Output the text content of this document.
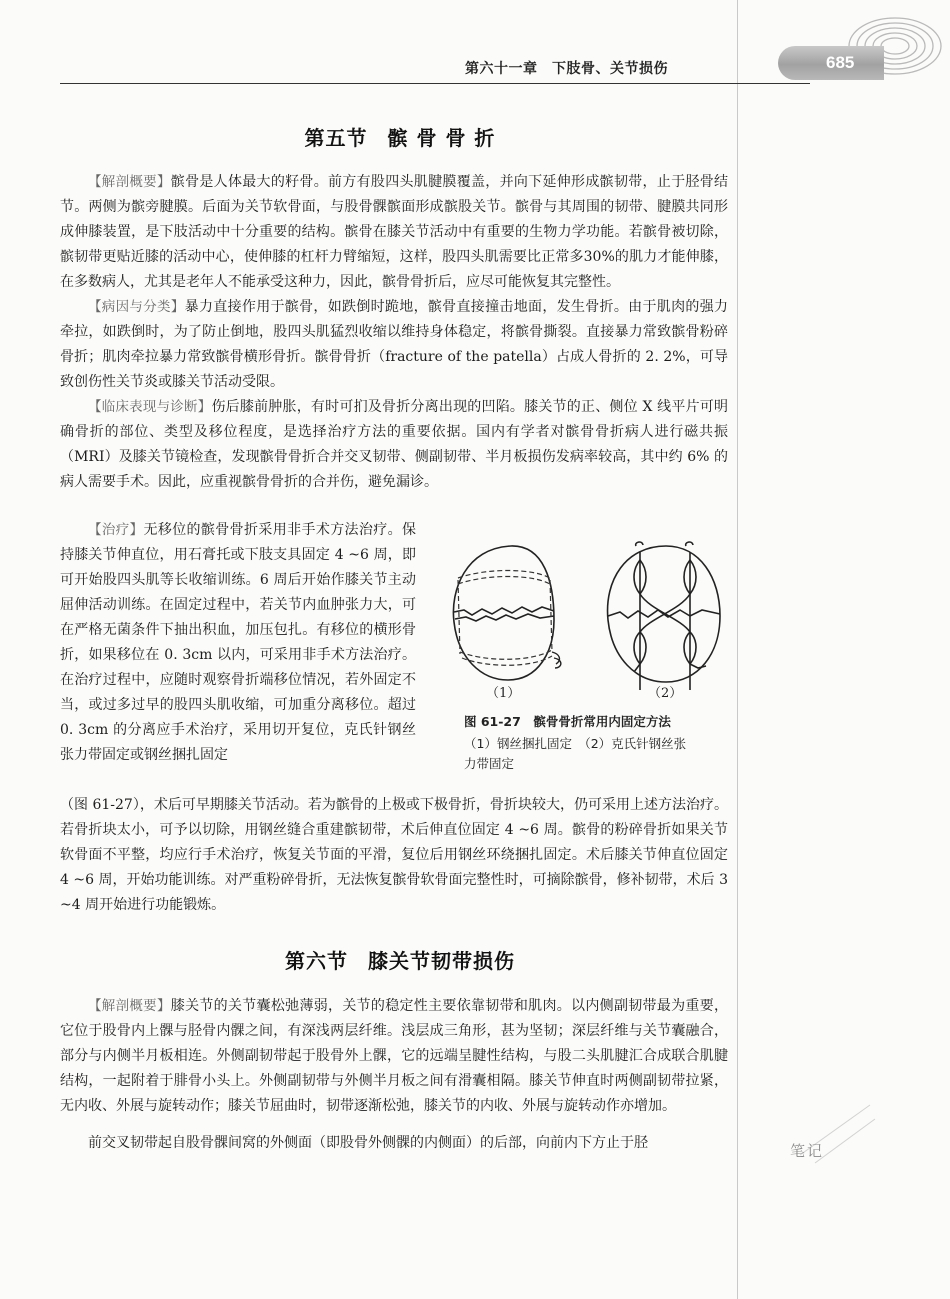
685
第六十一章　下肢骨、关节损伤
第五节 髌 骨 骨 折

【解剖概要】髌骨是人体最大的籽骨。前方有股四头肌腱膜覆盖，并向下延伸形成髌韧带，止于胫骨结节。两侧为髌旁腱膜。后面为关节软骨面，与股骨髁髌面形成髌股关节。髌骨与其周围的韧带、腱膜共同形成伸膝装置，是下肢活动中十分重要的结构。髌骨在膝关节活动中有重要的生物力学功能。若髌骨被切除，髌韧带更贴近膝的活动中心，使伸膝的杠杆力臂缩短，这样，股四头肌需要比正常多30%的肌力才能伸膝，在多数病人，尤其是老年人不能承受这种力，因此，髌骨骨折后，应尽可能恢复其完整性。

【病因与分类】暴力直接作用于髌骨，如跌倒时跪地，髌骨直接撞击地面，发生骨折。由于肌肉的强力牵拉，如跌倒时，为了防止倒地，股四头肌猛烈收缩以维持身体稳定，将髌骨撕裂。直接暴力常致髌骨粉碎骨折；肌肉牵拉暴力常致髌骨横形骨折。髌骨骨折（fracture of the patella）占成人骨折的 2. 2%，可导致创伤性关节炎或膝关节活动受限。

【临床表现与诊断】伤后膝前肿胀，有时可扪及骨折分离出现的凹陷。膝关节的正、侧位 X 线平片可明确骨折的部位、类型及移位程度，是选择治疗方法的重要依据。国内有学者对髌骨骨折病人进行磁共振（MRI）及膝关节镜检查，发现髌骨骨折合并交叉韧带、侧副韧带、半月板损伤发病率较高，其中约 6% 的病人需要手术。因此，应重视髌骨骨折的合并伤，避免漏诊。

【治疗】无移位的髌骨骨折采用非手术方法治疗。保持膝关节伸直位，用石膏托或下肢支具固定 4 ~6 周，即可开始股四头肌等长收缩训练。6 周后开始作膝关节主动屈伸活动训练。在固定过程中，若关节内血肿张力大，可在严格无菌条件下抽出积血，加压包扎。有移位的横形骨折，如果移位在 0. 3cm 以内，可采用非手术方法治疗。在治疗过程中，应随时观察骨折端移位情况，若外固定不当，或过多过早的股四头肌收缩，可加重分离移位。超过 0. 3cm 的分离应手术治疗，采用切开复位，克氏针钢丝张力带固定或钢丝捆扎固定

（1）	（2）
图 61-27　髌骨骨折常用内固定方法
（1）钢丝捆扎固定　（2）克氏针钢丝张
力带固定

（图 61-27），术后可早期膝关节活动。若为髌骨的上极或下极骨折，骨折块较大，仍可采用上述方法治疗。若骨折块太小，可予以切除，用钢丝缝合重建髌韧带，术后伸直位固定 4 ~6 周。髌骨的粉碎骨折如果关节软骨面不平整，均应行手术治疗，恢复关节面的平滑，复位后用钢丝环绕捆扎固定。术后膝关节伸直位固定 4 ~6 周，开始功能训练。对严重粉碎骨折，无法恢复髌骨软骨面完整性时，可摘除髌骨，修补韧带，术后 3 ~4 周开始进行功能锻炼。

第六节 膝关节韧带损伤

【解剖概要】膝关节的关节囊松弛薄弱，关节的稳定性主要依靠韧带和肌肉。以内侧副韧带最为重要，它位于股骨内上髁与胫骨内髁之间，有深浅两层纤维。浅层成三角形，甚为坚韧；深层纤维与关节囊融合，部分与内侧半月板相连。外侧副韧带起于股骨外上髁，它的远端呈腱性结构，与股二头肌腱汇合成联合肌腱结构，一起附着于腓骨小头上。外侧副韧带与外侧半月板之间有滑囊相隔。膝关节伸直时两侧副韧带拉紧，无内收、外展与旋转动作；膝关节屈曲时，韧带逐渐松弛，膝关节的内收、外展与旋转动作亦增加。

前交叉韧带起自股骨髁间窝的外侧面（即股骨外侧髁的内侧面）的后部，向前内下方止于胫	笔记
